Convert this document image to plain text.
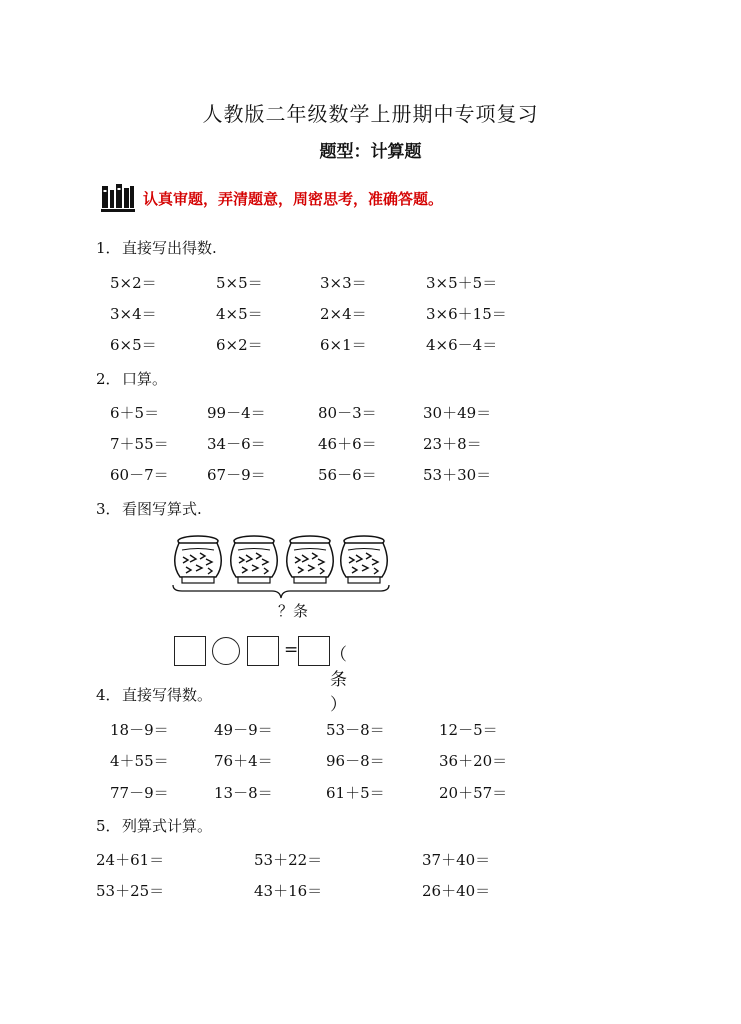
人教版二年级数学上册期中专项复习
题型：计算题
认真审题，弄清题意，周密思考，准确答题。
1．直接写出得数.
5×2＝	5×5＝	3×3＝	3×5＋5＝
3×4＝	4×5＝	2×4＝	3×6＋15＝
6×5＝	6×2＝	6×1＝	4×6－4＝
2．口算。
6＋5＝	99－4＝	80－3＝	30＋49＝
7＋55＝	34－6＝	46＋6＝	23＋8＝
60－7＝	67－9＝	56－6＝	53＋30＝
3．看图写算式.
？条
= （ 条 ）
4．直接写得数。
18－9＝	49－9＝	53－8＝	12－5＝
4＋55＝	76＋4＝	96－8＝	36＋20＝
77－9＝	13－8＝	61＋5＝	20＋57＝
5．列算式计算。
24＋61＝	53＋22＝	37＋40＝
53＋25＝	43＋16＝	26＋40＝
